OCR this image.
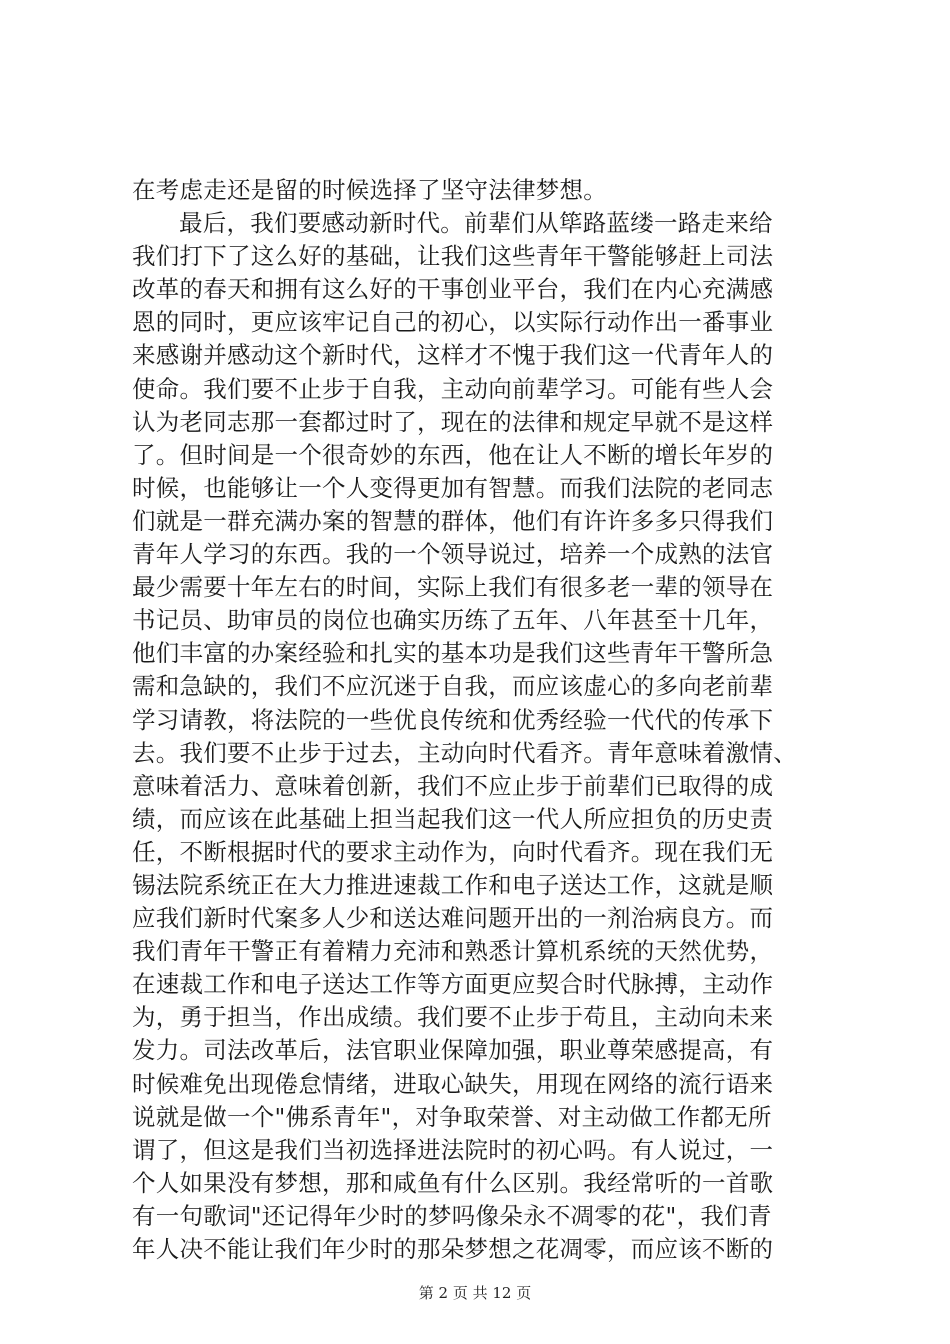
在考虑走还是留的时候选择了坚守法律梦想。
最后，我们要感动新时代。前辈们从筚路蓝缕一路走来给
我们打下了这么好的基础，让我们这些青年干警能够赶上司法
改革的春天和拥有这么好的干事创业平台，我们在内心充满感
恩的同时，更应该牢记自己的初心，以实际行动作出一番事业
来感谢并感动这个新时代，这样才不愧于我们这一代青年人的
使命。我们要不止步于自我，主动向前辈学习。可能有些人会
认为老同志那一套都过时了，现在的法律和规定早就不是这样
了。但时间是一个很奇妙的东西，他在让人不断的增长年岁的
时候，也能够让一个人变得更加有智慧。而我们法院的老同志
们就是一群充满办案的智慧的群体，他们有许许多多只得我们
青年人学习的东西。我的一个领导说过，培养一个成熟的法官
最少需要十年左右的时间，实际上我们有很多老一辈的领导在
书记员、助审员的岗位也确实历练了五年、八年甚至十几年，
他们丰富的办案经验和扎实的基本功是我们这些青年干警所急
需和急缺的，我们不应沉迷于自我，而应该虚心的多向老前辈
学习请教，将法院的一些优良传统和优秀经验一代代的传承下
去。我们要不止步于过去，主动向时代看齐。青年意味着激情、
意味着活力、意味着创新，我们不应止步于前辈们已取得的成
绩，而应该在此基础上担当起我们这一代人所应担负的历史责
任，不断根据时代的要求主动作为，向时代看齐。现在我们无
锡法院系统正在大力推进速裁工作和电子送达工作，这就是顺
应我们新时代案多人少和送达难问题开出的一剂治病良方。而
我们青年干警正有着精力充沛和熟悉计算机系统的天然优势，
在速裁工作和电子送达工作等方面更应契合时代脉搏，主动作
为，勇于担当，作出成绩。我们要不止步于苟且，主动向未来
发力。司法改革后，法官职业保障加强，职业尊荣感提高，有
时候难免出现倦怠情绪，进取心缺失，用现在网络的流行语来
说就是做一个"佛系青年"，对争取荣誉、对主动做工作都无所
谓了，但这是我们当初选择进法院时的初心吗。有人说过，一
个人如果没有梦想，那和咸鱼有什么区别。我经常听的一首歌
有一句歌词"还记得年少时的梦吗像朵永不凋零的花"，我们青
年人决不能让我们年少时的那朵梦想之花凋零，而应该不断的
第 2 页 共 12 页
